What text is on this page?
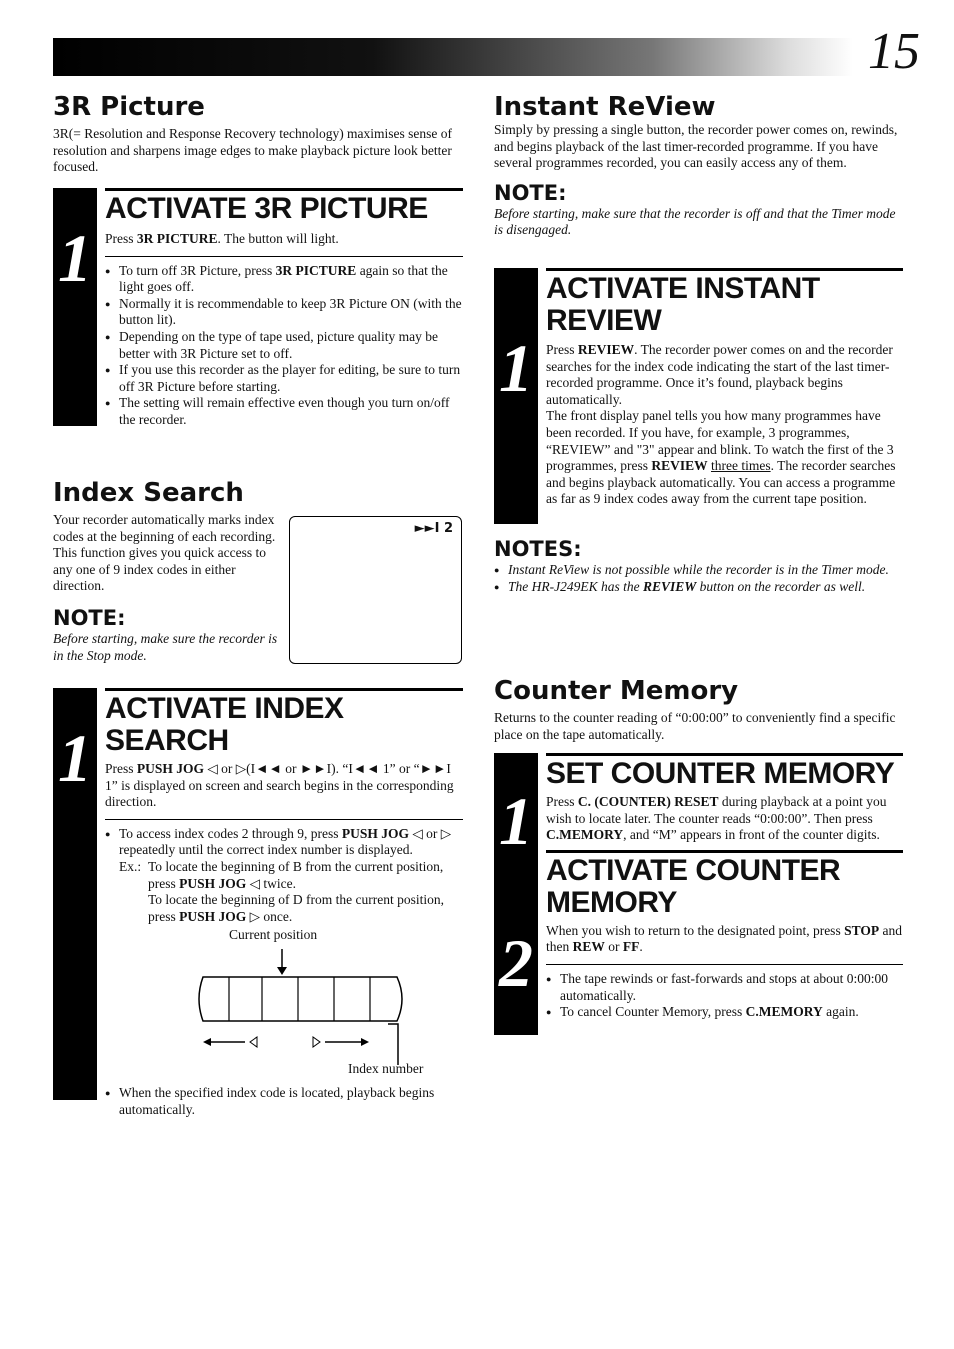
15
3R Picture

3R(= Resolution and Response Recovery technology) maximises sense of resolution and sharpens image edges to make playback picture look better focused.

1
ACTIVATE 3R PICTURE

Press 3R PICTURE. The button will light.

● To turn off 3R Picture, press 3R PICTURE again so that the light goes off.
● Normally it is recommendable to keep 3R Picture ON (with the button lit).
● Depending on the type of tape used, picture quality may be better with 3R Picture set to off.
● If you use this recorder as the player for editing, be sure to turn off 3R Picture before starting.
● The setting will remain effective even though you turn on/off the recorder.
Index Search

Your recorder automatically marks index codes at the beginning of each recording. This function gives you quick access to any one of 9 index codes in either direction.

NOTE:

Before starting, make sure the recorder is in the Stop mode.

►►I 2
1
ACTIVATE INDEX SEARCH

Press PUSH JOG ◁ or ▷(I◄◄ or ►►I). “I◄◄ 1” or “►►I 1” is displayed on screen and search begins in the corresponding direction.

● To access index codes 2 through 9, press PUSH JOG ◁ or ▷ repeatedly until the correct index number is displayed.
Ex.: To locate the beginning of B from the current position, press PUSH JOG ◁ twice.
To locate the beginning of D from the current position, press PUSH JOG ▷ once.
Current position
Index number
● When the specified index code is located, playback begins automatically.
Instant ReView

Simply by pressing a single button, the recorder power comes on, rewinds, and begins playback of the last timer-recorded programme. If you have several programmes recorded, you can easily access any of them.

NOTE:

Before starting, make sure that the recorder is off and that the Timer mode is disengaged.

1
ACTIVATE INSTANT
REVIEW

Press REVIEW. The recorder power comes on and the recorder searches for the index code indicating the start of the last timer-recorded programme. Once it’s found, playback begins automatically.

The front display panel tells you how many programmes have been recorded. If you have, for example, 3 programmes, “REVIEW” and "3" appear and blink. To watch the first of the 3 programmes, press REVIEW three times. The recorder searches and begins playback automatically. You can access a programme as far as 9 index codes away from the current tape position.

NOTES:
● Instant ReView is not possible while the recorder is in the Timer mode.
● The HR-J249EK has the REVIEW button on the recorder as well.
Counter Memory

Returns to the counter reading of “0:00:00” to conveniently find a specific place on the tape automatically.

1
2
SET COUNTER MEMORY

Press C. (COUNTER) RESET during playback at a point you wish to locate later. The counter reads “0:00:00”. Then press C.MEMORY, and “M” appears in front of the counter digits.

ACTIVATE COUNTER
MEMORY

When you wish to return to the designated point, press STOP and then REW or FF.

● The tape rewinds or fast-forwards and stops at about 0:00:00 automatically.
● To cancel Counter Memory, press C.MEMORY again.
